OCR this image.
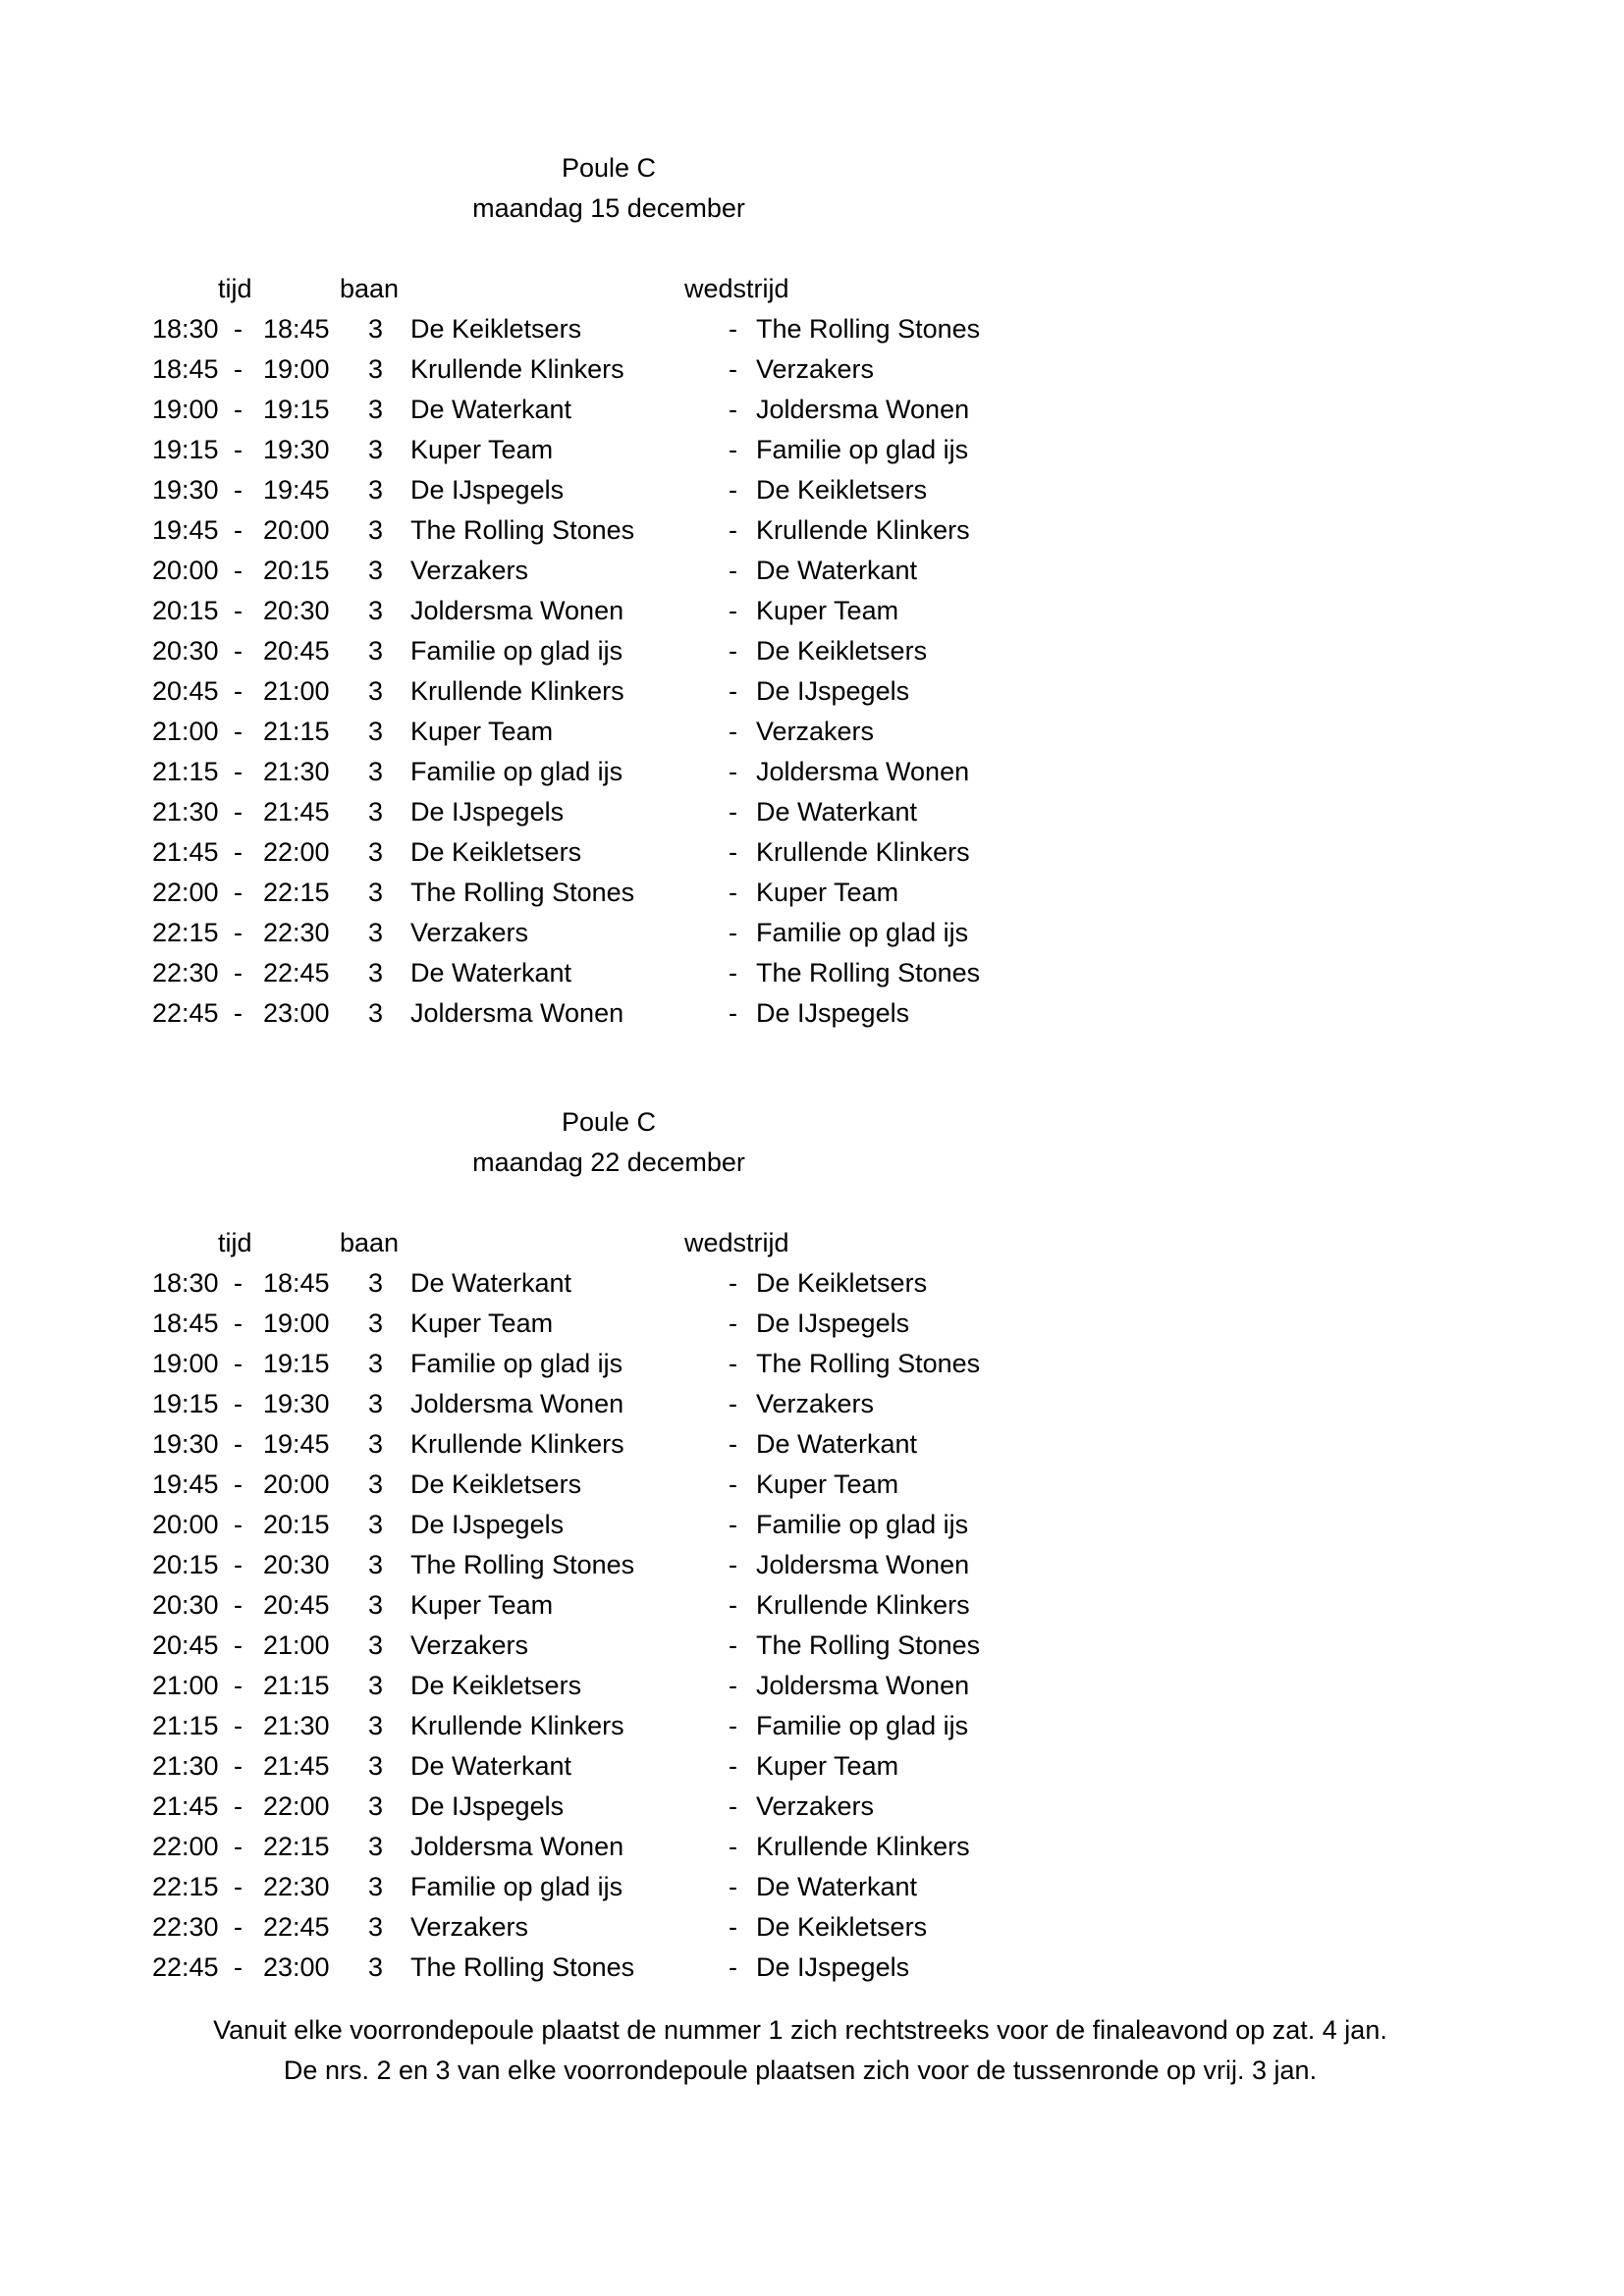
Poule C
maandag 15 december
tijd	baan	wedstrijd
18:30 - 18:45	3	De Keikletsers	- The Rolling Stones
18:45 - 19:00	3	Krullende Klinkers	- Verzakers
19:00 - 19:15	3	De Waterkant	- Joldersma Wonen
19:15 - 19:30	3	Kuper Team	- Familie op glad ijs
19:30 - 19:45	3	De IJspegels	- De Keikletsers
19:45 - 20:00	3	The Rolling Stones	- Krullende Klinkers
20:00 - 20:15	3	Verzakers	- De Waterkant
20:15 - 20:30	3	Joldersma Wonen	- Kuper Team
20:30 - 20:45	3	Familie op glad ijs	- De Keikletsers
20:45 - 21:00	3	Krullende Klinkers	- De IJspegels
21:00 - 21:15	3	Kuper Team	- Verzakers
21:15 - 21:30	3	Familie op glad ijs	- Joldersma Wonen
21:30 - 21:45	3	De IJspegels	- De Waterkant
21:45 - 22:00	3	De Keikletsers	- Krullende Klinkers
22:00 - 22:15	3	The Rolling Stones	- Kuper Team
22:15 - 22:30	3	Verzakers	- Familie op glad ijs
22:30 - 22:45	3	De Waterkant	- The Rolling Stones
22:45 - 23:00	3	Joldersma Wonen	- De IJspegels
Poule C
maandag 22 december
tijd	baan	wedstrijd
18:30 - 18:45	3	De Waterkant	- De Keikletsers
18:45 - 19:00	3	Kuper Team	- De IJspegels
19:00 - 19:15	3	Familie op glad ijs	- The Rolling Stones
19:15 - 19:30	3	Joldersma Wonen	- Verzakers
19:30 - 19:45	3	Krullende Klinkers	- De Waterkant
19:45 - 20:00	3	De Keikletsers	- Kuper Team
20:00 - 20:15	3	De IJspegels	- Familie op glad ijs
20:15 - 20:30	3	The Rolling Stones	- Joldersma Wonen
20:30 - 20:45	3	Kuper Team	- Krullende Klinkers
20:45 - 21:00	3	Verzakers	- The Rolling Stones
21:00 - 21:15	3	De Keikletsers	- Joldersma Wonen
21:15 - 21:30	3	Krullende Klinkers	- Familie op glad ijs
21:30 - 21:45	3	De Waterkant	- Kuper Team
21:45 - 22:00	3	De IJspegels	- Verzakers
22:00 - 22:15	3	Joldersma Wonen	- Krullende Klinkers
22:15 - 22:30	3	Familie op glad ijs	- De Waterkant
22:30 - 22:45	3	Verzakers	- De Keikletsers
22:45 - 23:00	3	The Rolling Stones	- De IJspegels
Vanuit elke voorrondepoule plaatst de nummer 1 zich rechtstreeks voor de finaleavond op zat. 4 jan.
De nrs. 2 en 3 van elke voorrondepoule plaatsen zich voor de tussenronde op vrij. 3 jan.
